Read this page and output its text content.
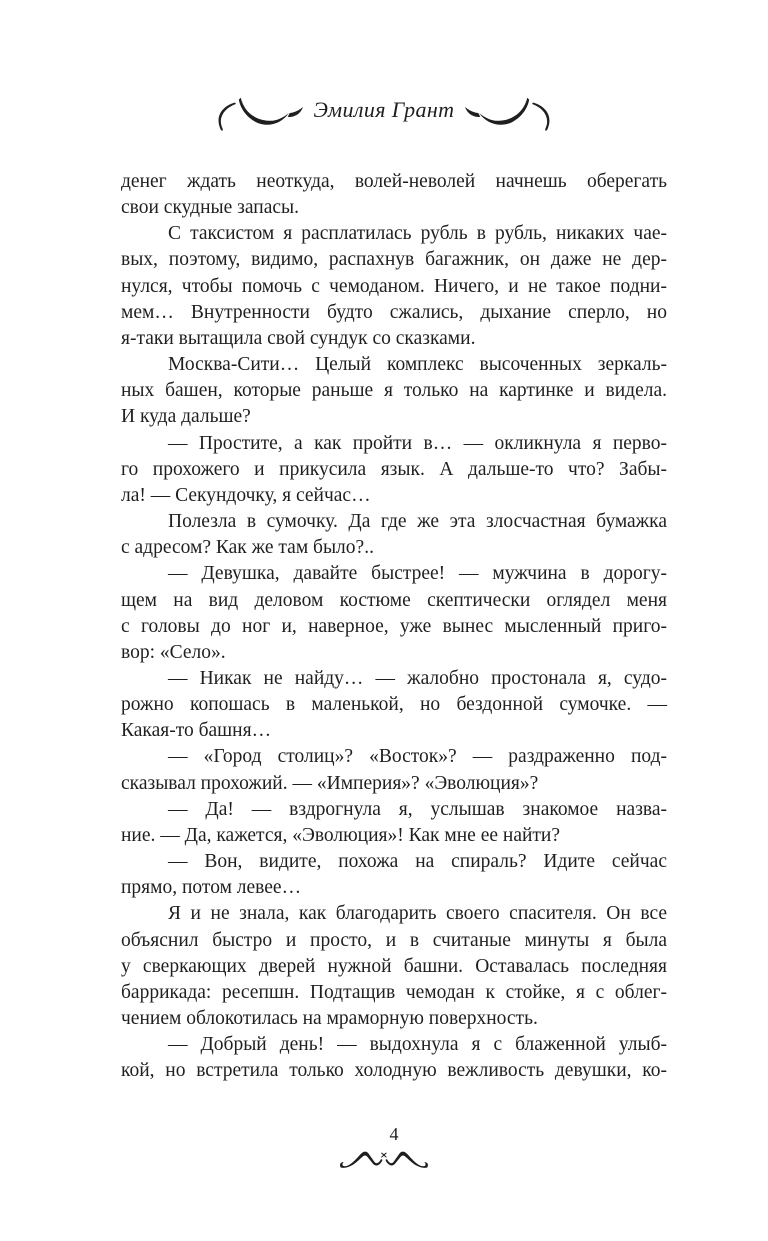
Эмилия Грант
денег ждать неоткуда, волей-неволей начнешь оберегать
свои скудные запасы.
С таксистом я расплатилась рубль в рубль, никаких чае-
вых, поэтому, видимо, распахнув багажник, он даже не дер-
нулся, чтобы помочь с чемоданом. Ничего, и не такое подни-
мем… Внутренности будто сжались, дыхание сперло, но
я-таки вытащила свой сундук со сказками.
Москва-Сити… Целый комплекс высоченных зеркаль-
ных башен, которые раньше я только на картинке и видела.
И куда дальше?
— Простите, а как пройти в… — окликнула я перво-
го прохожего и прикусила язык. А дальше-то что? Забы-
ла! — Секундочку, я сейчас…
Полезла в сумочку. Да где же эта злосчастная бумажка
с адресом? Как же там было?..
— Девушка, давайте быстрее! — мужчина в дорогу-
щем на вид деловом костюме скептически оглядел меня
с головы до ног и, наверное, уже вынес мысленный приго-
вор: «Село».
— Никак не найду… — жалобно простонала я, судо-
рожно копошась в маленькой, но бездонной сумочке. —
Какая-то башня…
— «Город столиц»? «Восток»? — раздраженно под-
сказывал прохожий. — «Империя»? «Эволюция»?
— Да! — вздрогнула я, услышав знакомое назва-
ние. — Да, кажется, «Эволюция»! Как мне ее найти?
— Вон, видите, похожа на спираль? Идите сейчас
прямо, потом левее…
Я и не знала, как благодарить своего спасителя. Он все
объяснил быстро и просто, и в считаные минуты я была
у сверкающих дверей нужной башни. Оставалась последняя
баррикада: ресепшн. Подтащив чемодан к стойке, я с облег-
чением облокотилась на мраморную поверхность.
— Добрый день! — выдохнула я с блаженной улыб-
кой, но встретила только холодную вежливость девушки, ко-
4
